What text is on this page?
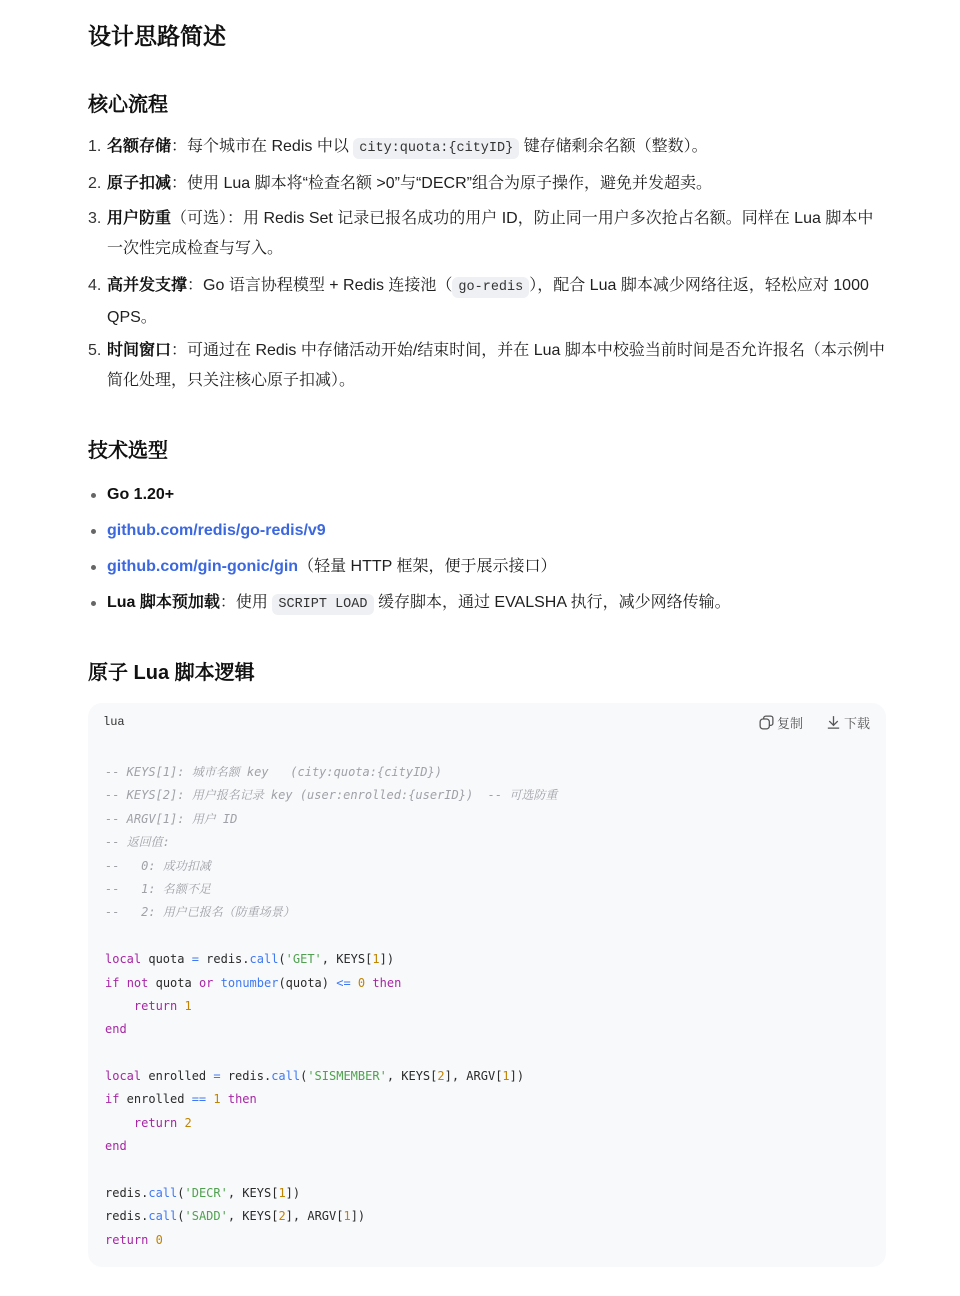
设计思路简述
核心流程
1. 名额存储：每个城市在 Redis 中以 city:quota:{cityID} 键存储剩余名额（整数）。
2. 原子扣减：使用 Lua 脚本将“检查名额 >0”与“DECR”组合为原子操作，避免并发超卖。
3. 用户防重（可选）：用 Redis Set 记录已报名成功的用户 ID，防止同一用户多次抢占名额。同样在 Lua 脚本中一次性完成检查与写入。
4. 高并发支撑：Go 语言协程模型 + Redis 连接池（ go-redis ），配合 Lua 脚本减少网络往返，轻松应对 1000 QPS。
5. 时间窗口：可通过在 Redis 中存储活动开始/结束时间，并在 Lua 脚本中校验当前时间是否允许报名（本示例中简化处理，只关注核心原子扣减）。
技术选型
Go 1.20+
github.com/redis/go-redis/v9
github.com/gin-gonic/gin（轻量 HTTP 框架，便于展示接口）
Lua 脚本预加载：使用 SCRIPT LOAD 缓存脚本，通过 EVALSHA 执行，减少网络传输。
原子 Lua 脚本逻辑
lua	复制	下载
-- KEYS[1]: 城市名额 key   (city:quota:{cityID})
-- KEYS[2]: 用户报名记录 key (user:enrolled:{userID})  -- 可选防重
-- ARGV[1]: 用户 ID
-- 返回值:
--   0: 成功扣减
--   1: 名额不足
--   2: 用户已报名（防重场景）

local quota = redis.call('GET', KEYS[1])
if not quota or tonumber(quota) <= 0 then
return 1
end

local enrolled = redis.call('SISMEMBER', KEYS[2], ARGV[1])
if enrolled == 1 then
return 2
end

redis.call('DECR', KEYS[1])
redis.call('SADD', KEYS[2], ARGV[1])
return 0
